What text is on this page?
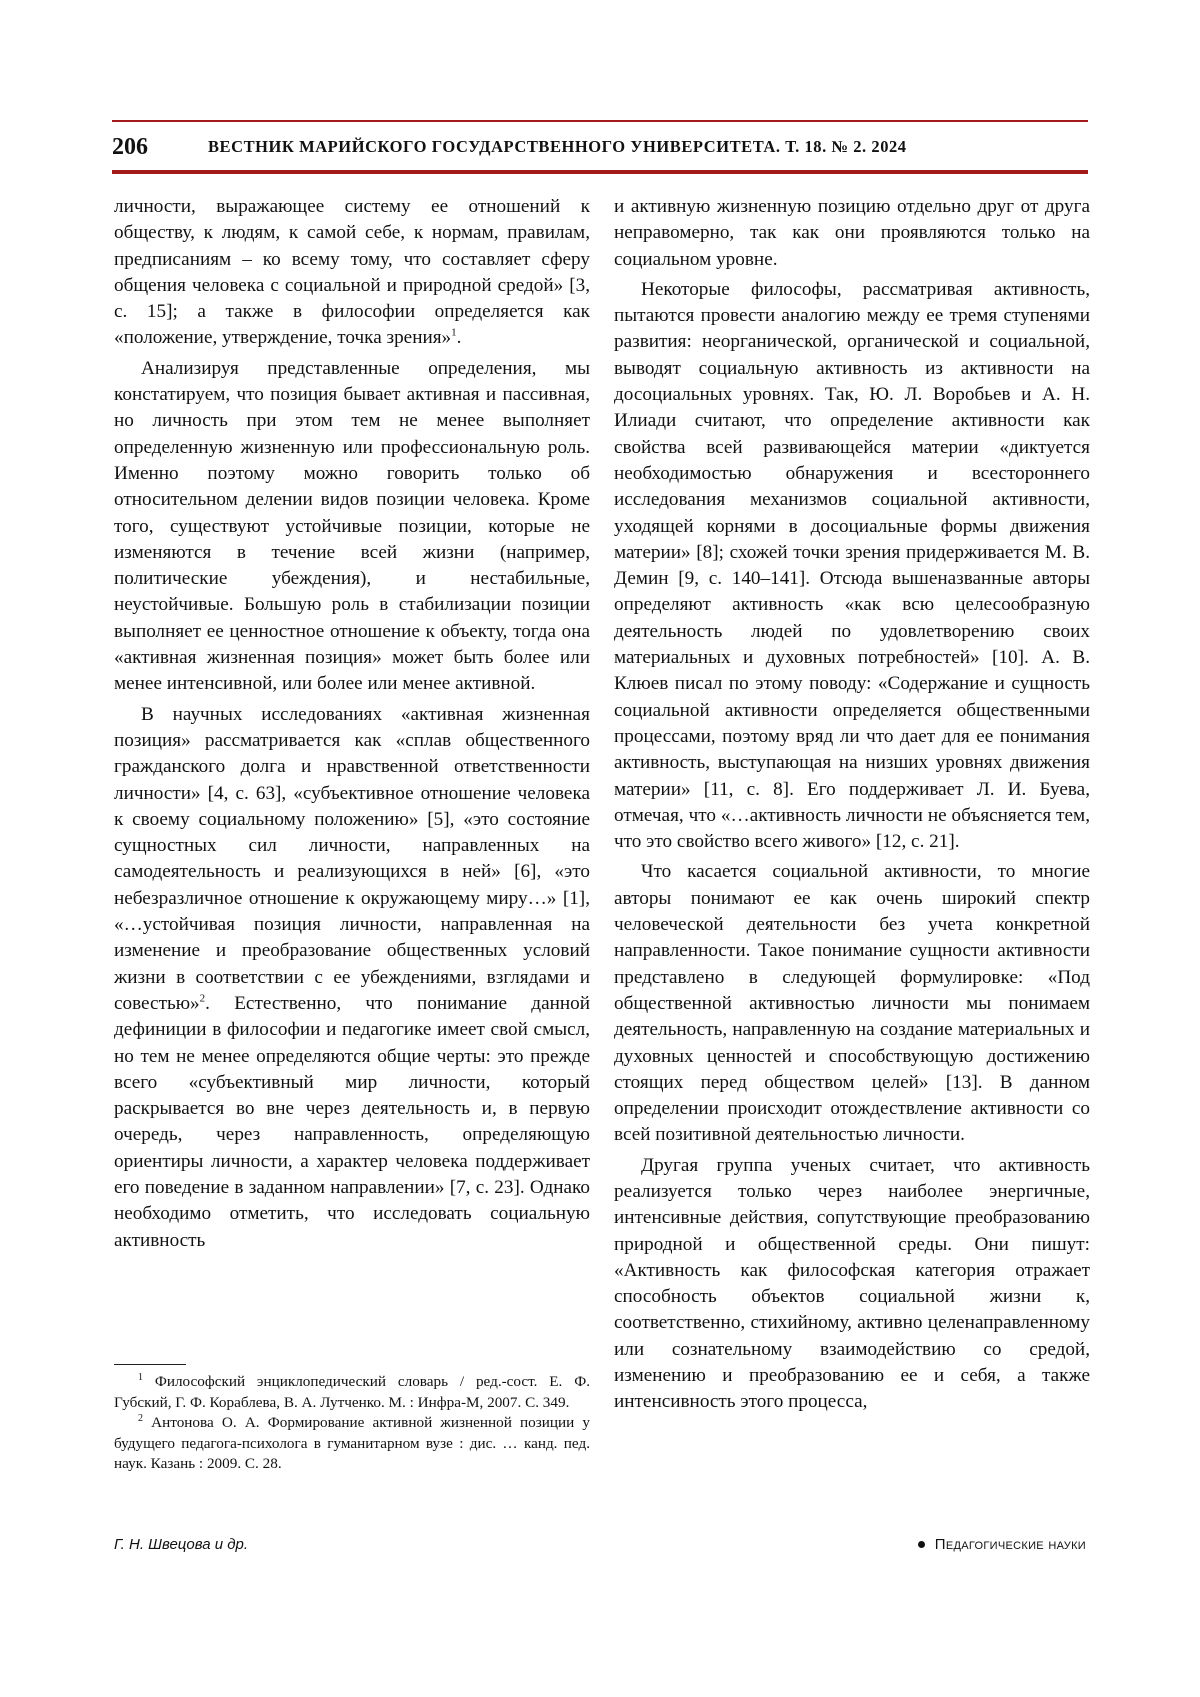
206	ВЕСТНИК МАРИЙСКОГО ГОСУДАРСТВЕННОГО УНИВЕРСИТЕТА. Т. 18. № 2. 2024

личности, выражающее систему ее отношений к обществу, к людям, к самой себе, к нормам, правилам, предписаниям – ко всему тому, что составляет сферу общения человека с социальной и природной средой» [3, с. 15]; а также в философии определяется как «положение, утверждение, точка зрения»$^1$.

Анализируя представленные определения, мы констатируем, что позиция бывает активная и пассивная, но личность при этом тем не менее выполняет определенную жизненную или профессиональную роль. Именно поэтому можно говорить только об относительном делении видов позиции человека. Кроме того, существуют устойчивые позиции, которые не изменяются в течение всей жизни (например, политические убеждения), и нестабильные, неустойчивые. Большую роль в стабилизации позиции выполняет ее ценностное отношение к объекту, тогда она «активная жизненная позиция» может быть более или менее интенсивной, или более или менее активной.

В научных исследованиях «активная жизненная позиция» рассматривается как «сплав общественного гражданского долга и нравственной ответственности личности» [4, с. 63], «субъективное отношение человека к своему социальному положению» [5], «это состояние сущностных сил личности, направленных на самодеятельность и реализующихся в ней» [6], «это небезразличное отношение к окружающему миру…» [1], «…устойчивая позиция личности, направленная на изменение и преобразование общественных условий жизни в соответствии с ее убеждениями, взглядами и совестью»$^2$. Естественно, что понимание данной дефиниции в философии и педагогике имеет свой смысл, но тем не менее определяются общие черты: это прежде всего «субъективный мир личности, который раскрывается во вне через деятельность и, в первую очередь, через направленность, определяющую ориентиры личности, а характер человека поддерживает его поведение в заданном направлении» [7, с. 23]. Однако необходимо отметить, что исследовать социальную активность

и активную жизненную позицию отдельно друг от друга неправомерно, так как они проявляются только на социальном уровне.

Некоторые философы, рассматривая активность, пытаются провести аналогию между ее тремя ступенями развития: неорганической, органической и социальной, выводят социальную активность из активности на досоциальных уровнях. Так, Ю. Л. Воробьев и А. Н. Илиади считают, что определение активности как свойства всей развивающейся материи «диктуется необходимостью обнаружения и всестороннего исследования механизмов социальной активности, уходящей корнями в досоциальные формы движения материи» [8]; схожей точки зрения придерживается М. В. Демин [9, с. 140–141]. Отсюда вышеназванные авторы определяют активность «как всю целесообразную деятельность людей по удовлетворению своих материальных и духовных потребностей» [10]. А. В. Клюев писал по этому поводу: «Содержание и сущность социальной активности определяется общественными процессами, поэтому вряд ли что дает для ее понимания активность, выступающая на низших уровнях движения материи» [11, с. 8]. Его поддерживает Л. И. Буева, отмечая, что «…активность личности не объясняется тем, что это свойство всего живого» [12, с. 21].

Что касается социальной активности, то многие авторы понимают ее как очень широкий спектр человеческой деятельности без учета конкретной направленности. Такое понимание сущности активности представлено в следующей формулировке: «Под общественной активностью личности мы понимаем деятельность, направленную на создание материальных и духовных ценностей и способствующую достижению стоящих перед обществом целей» [13]. В данном определении происходит отождествление активности со всей позитивной деятельностью личности.

Другая группа ученых считает, что активность реализуется только через наиболее энергичные, интенсивные действия, сопутствующие преобразованию природной и общественной среды. Они пишут: «Активность как философская категория отражает способность объектов социальной жизни к, соответственно, стихийному, активно целенаправленному или сознательному взаимодействию со средой, изменению и преобразованию ее и себя, а также интенсивность этого процесса,

$^1$ Философский энциклопедический словарь / ред.-сост. Е. Ф. Губский, Г. Ф. Кораблева, В. А. Лутченко. М. : Инфра-М, 2007. С. 349.

$^2$ Антонова О. А. Формирование активной жизненной позиции у будущего педагога-психолога в гуманитарном вузе : дис. … канд. пед. наук. Казань : 2009. С. 28.

Г. Н. Швецова и др.	Педагогические науки
